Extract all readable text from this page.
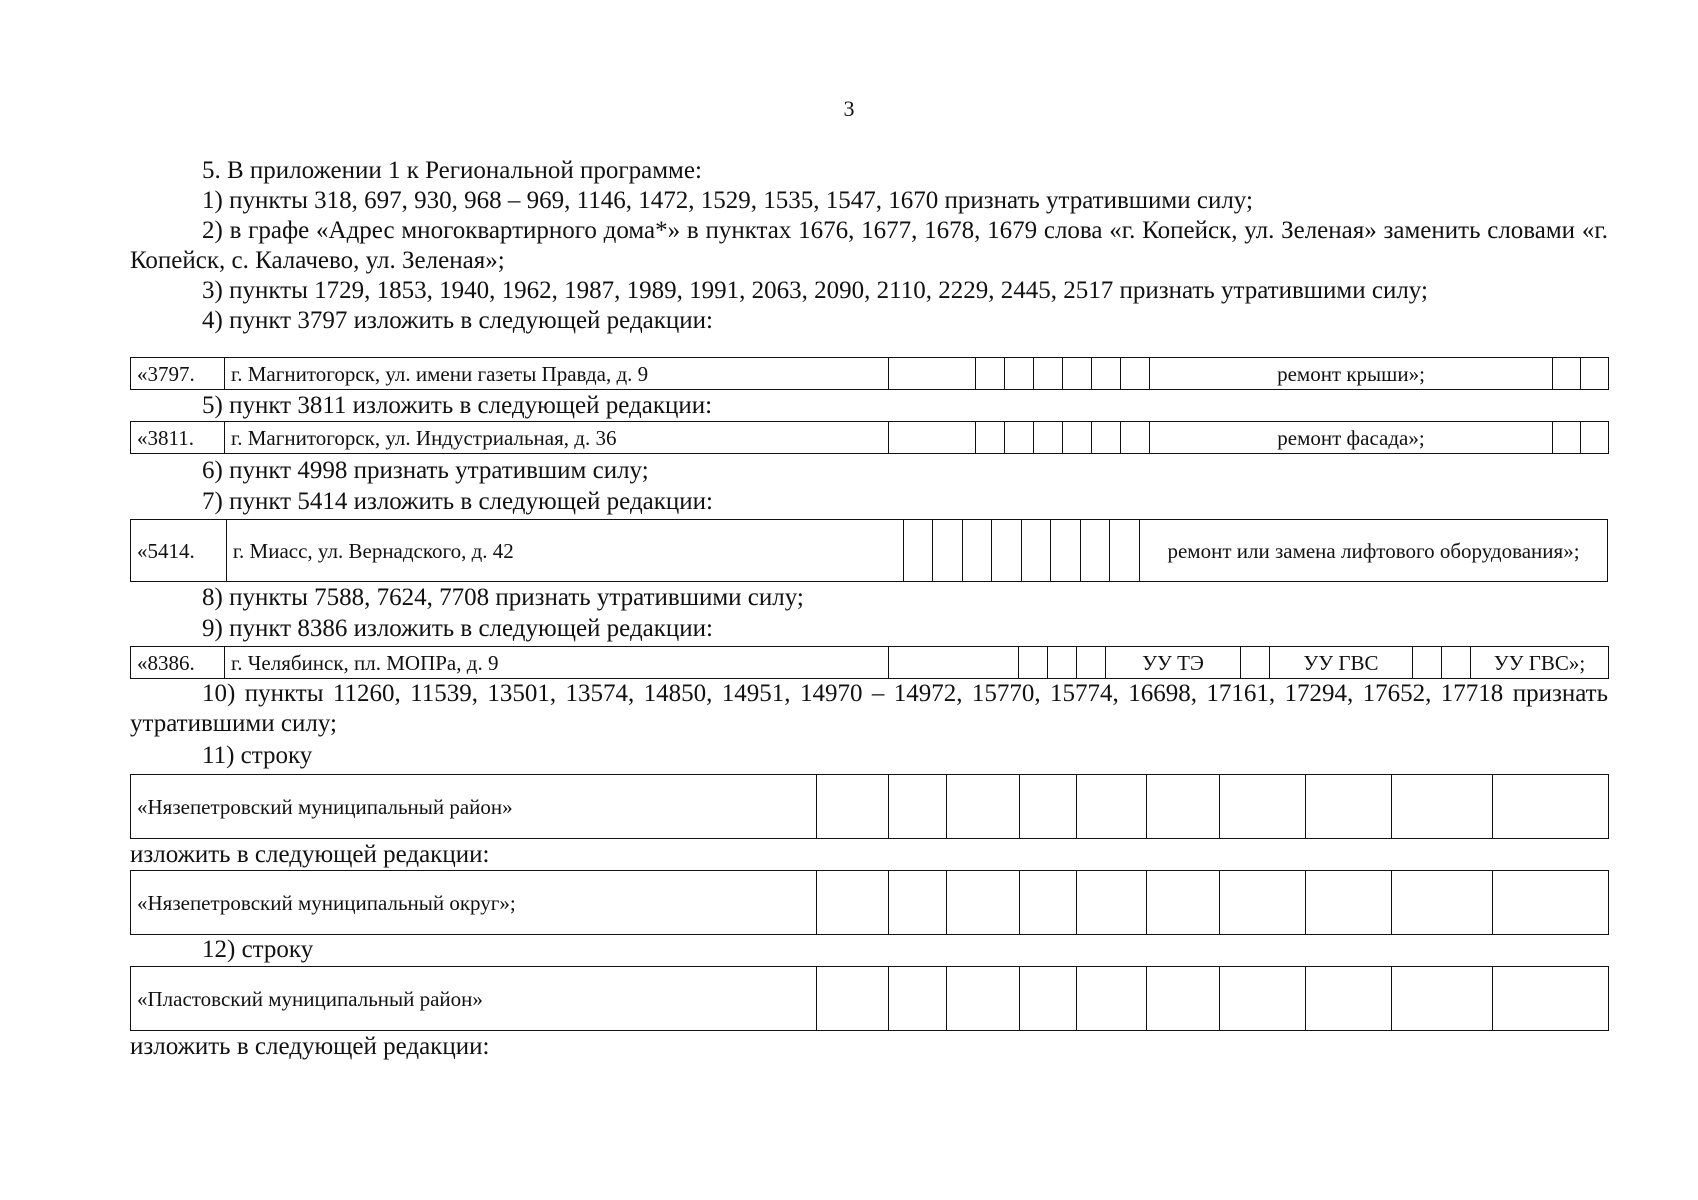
3

5. В приложении 1 к Региональной программе:

1) пункты 318, 697, 930, 968 – 969, 1146, 1472, 1529, 1535, 1547, 1670 признать утратившими силу;

2) в графе «Адрес многоквартирного дома*» в пунктах 1676, 1677, 1678, 1679 слова «г. Копейск, ул. Зеленая» заменить словами «г. Копейск, с. Калачево, ул. Зеленая»;

3) пункты 1729, 1853, 1940, 1962, 1987, 1989, 1991, 2063, 2090, 2110, 2229, 2445, 2517 признать утратившими силу;

4) пункт 3797 изложить в следующей редакции:

«3797.	г. Магнитогорск, ул. имени газеты Правда, д. 9								ремонт крыши»;		

5) пункт 3811 изложить в следующей редакции:

«3811.	г. Магнитогорск, ул. Индустриальная, д. 36								ремонт фасада»;		

6) пункт 4998 признать утратившим силу;

7) пункт 5414 изложить в следующей редакции:

«5414.	г. Миасс, ул. Вернадского, д. 42									ремонт или замена лифтового оборудования»;

8) пункты 7588, 7624, 7708 признать утратившими силу;

9) пункт 8386 изложить в следующей редакции:

«8386.	г. Челябинск, пл. МОПРа, д. 9					УУ ТЭ		УУ ГВС			УУ ГВС»;

10) пункты 11260, 11539, 13501, 13574, 14850, 14951, 14970 – 14972, 15770, 15774, 16698, 17161, 17294, 17652, 17718 признать утратившими силу;

11) строку

«Нязепетровский муниципальный район»										

изложить в следующей редакции:

«Нязепетровский муниципальный округ»;										

12) строку

«Пластовский муниципальный район»										

изложить в следующей редакции:
